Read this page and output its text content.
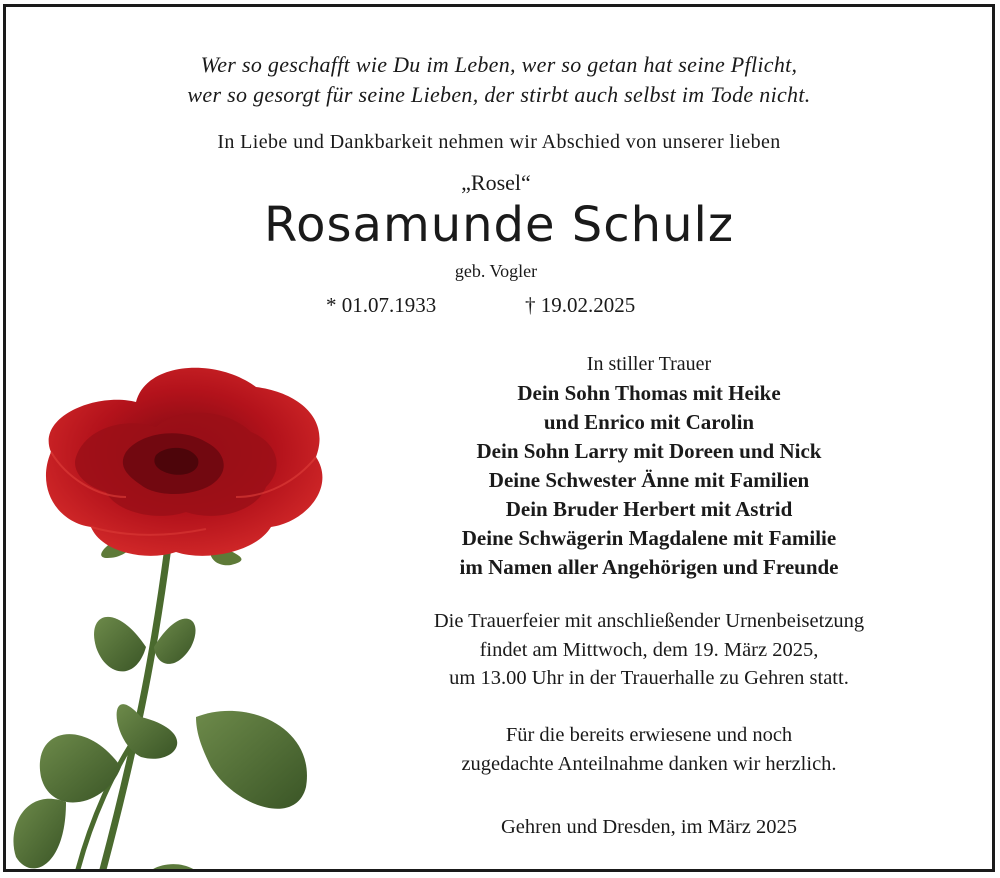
Wer so geschafft wie Du im Leben, wer so getan hat seine Pflicht,
wer so gesorgt für seine Lieben, der stirbt auch selbst im Tode nicht.
In Liebe und Dankbarkeit nehmen wir Abschied von unserer lieben
„Rosel“
Rosamunde Schulz
geb. Vogler
* 01.07.1933	† 19.02.2025
In stiller Trauer
Dein Sohn Thomas mit Heike
und Enrico mit Carolin
Dein Sohn Larry mit Doreen und Nick
Deine Schwester Änne mit Familien
Dein Bruder Herbert mit Astrid
Deine Schwägerin Magdalene mit Familie
im Namen aller Angehörigen und Freunde
Die Trauerfeier mit anschließender Urnenbeisetzung
findet am Mittwoch, dem 19. März 2025,
um 13.00 Uhr in der Trauerhalle zu Gehren statt.
Für die bereits erwiesene und noch
zugedachte Anteilnahme danken wir herzlich.
Gehren und Dresden, im März 2025
